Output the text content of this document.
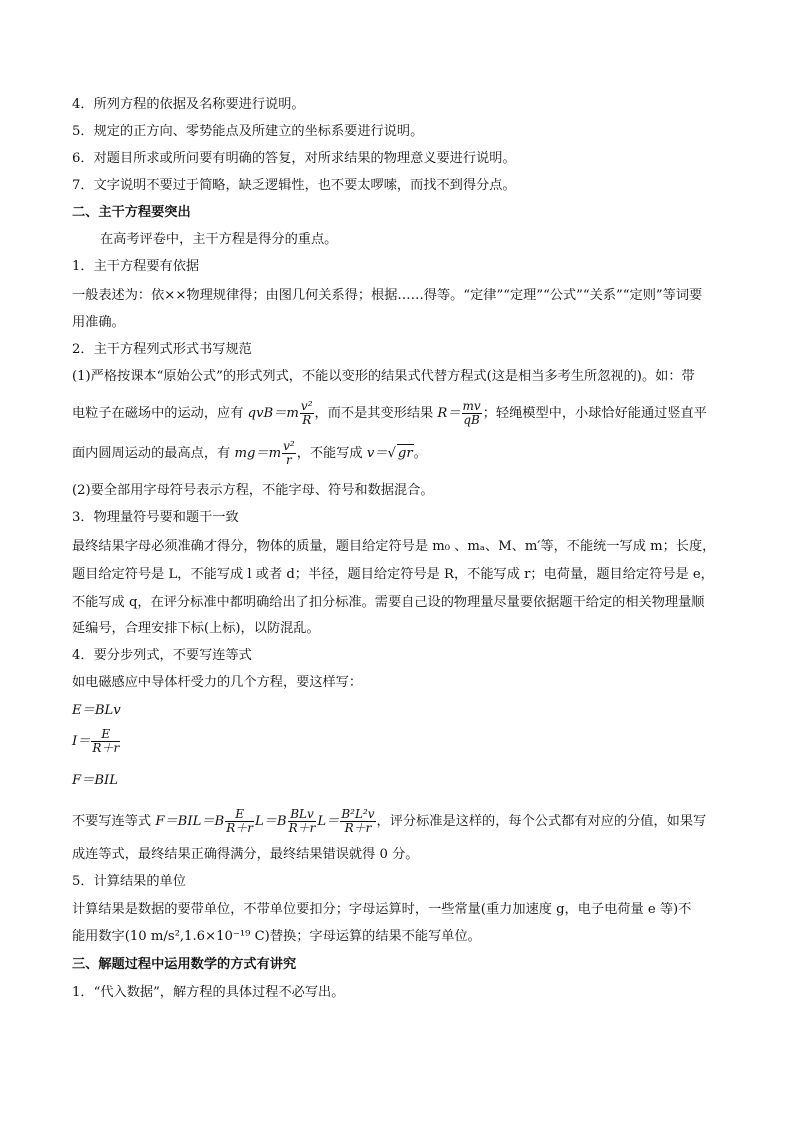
4．所列方程的依据及名称要进行说明。
5．规定的正方向、零势能点及所建立的坐标系要进行说明。
6．对题目所求或所问要有明确的答复，对所求结果的物理意义要进行说明。
7．文字说明不要过于简略，缺乏逻辑性，也不要太啰嗦，而找不到得分点。
二、主干方程要突出
在高考评卷中，主干方程是得分的重点。
1．主干方程要有依据
一般表述为：依××物理规律得；由图几何关系得；根据……得等。“定律”“定理”“公式”“关系”“定则”等词要
用准确。
2．主干方程列式形式书写规范
(1)严格按课本“原始公式”的形式列式，不能以变形的结果式代替方程式(这是相当多考生所忽视的)。如：带
电粒子在磁场中的运动，应有 $qvB=m \frac{\text{v²}}{R}$ ，而不是其变形结果 $R= \frac{mv}{qB}$ ；轻绳模型中，小球恰好能通过竖直平
面内圆周运动的最高点，有 $mg=m \frac{\text{v²}}{r}$ ，不能写成 v＝√ gr。
(2)要全部用字母符号表示方程，不能字母、符号和数据混合。
3．物理量符号要和题干一致
最终结果字母必须准确才得分，物体的质量，题目给定符号是 m₀ 、mₐ、M、m′等，不能统一写成 m；长度，
题目给定符号是 L，不能写成 l 或者 d；半径，题目给定符号是 R，不能写成 r；电荷量，题目给定符号是 e，
不能写成 q，在评分标准中都明确给出了扣分标准。需要自己设的物理量尽量要依据题干给定的相关物理量顺
延编号，合理安排下标(上标)，以防混乱。
4．要分步列式，不要写连等式
如电磁感应中导体杆受力的几个方程，要这样写：
E＝BLv
$I= \frac{E}{R+r}$
F＝BIL
不要写连等式 $F=BIL=B \frac{E}{R+r} L=B \frac{\text{BLv}}{R+r} L= \frac{\text{B²L²v}}{R+r}$ ，评分标准是这样的，每个公式都有对应的分值，如果写
成连等式，最终结果正确得满分，最终结果错误就得 0 分。
5．计算结果的单位
计算结果是数据的要带单位，不带单位要扣分；字母运算时，一些常量(重力加速度 g，电子电荷量 e 等)不
能用数字(10 m/s²,1.6×10⁻¹⁹ C)替换；字母运算的结果不能写单位。
三、解题过程中运用数学的方式有讲究
1．“代入数据”，解方程的具体过程不必写出。
